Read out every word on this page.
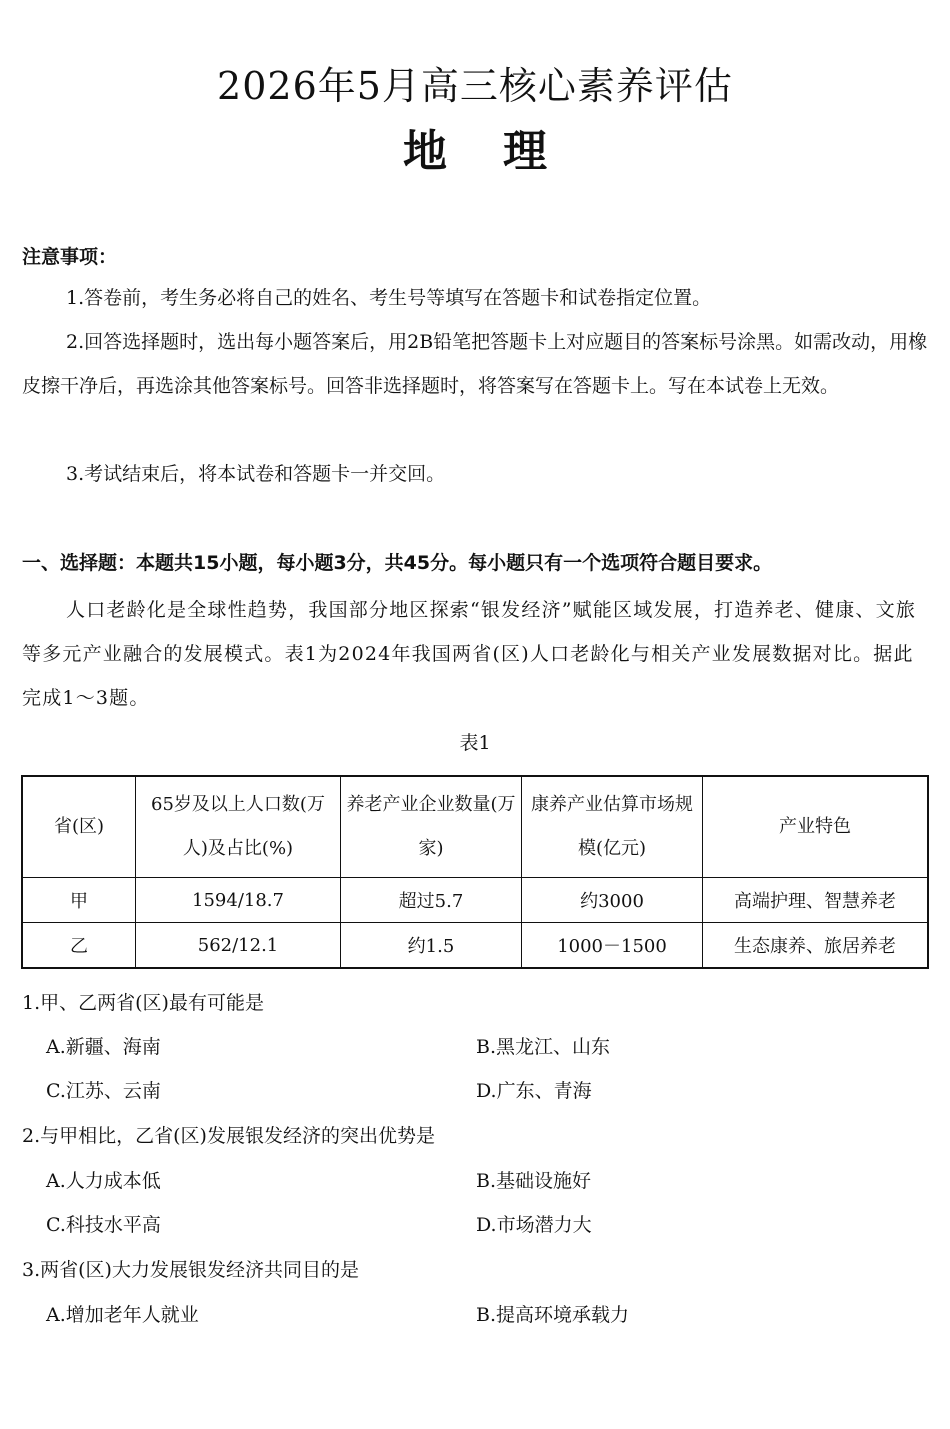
2026年5月高三核心素养评估
地 理
注意事项：
1.答卷前，考生务必将自己的姓名、考生号等填写在答题卡和试卷指定位置。
2.回答选择题时，选出每小题答案后，用2B铅笔把答题卡上对应题目的答案标号涂黑。如需改动，用橡皮擦干净后，再选涂其他答案标号。回答非选择题时，将答案写在答题卡上。写在本试卷上无效。
3.考试结束后，将本试卷和答题卡一并交回。
一、选择题：本题共15小题，每小题3分，共45分。每小题只有一个选项符合题目要求。
人口老龄化是全球性趋势，我国部分地区探索“银发经济”赋能区域发展，打造养老、健康、文旅等多元产业融合的发展模式。表1为2024年我国两省(区)人口老龄化与相关产业发展数据对比。据此完成1～3题。
表1
省(区)	65岁及以上人口数(万人)及占比(%)	养老产业企业数量(万家)	康养产业估算市场规模(亿元)	产业特色
甲	1594/18.7	超过5.7	约3000	高端护理、智慧养老
乙	562/12.1	约1.5	1000－1500	生态康养、旅居养老
1.甲、乙两省(区)最有可能是
A.新疆、海南	B.黑龙江、山东
C.江苏、云南	D.广东、青海
2.与甲相比，乙省(区)发展银发经济的突出优势是
A.人力成本低	B.基础设施好
C.科技水平高	D.市场潜力大
3.两省(区)大力发展银发经济共同目的是
A.增加老年人就业	B.提高环境承载力
